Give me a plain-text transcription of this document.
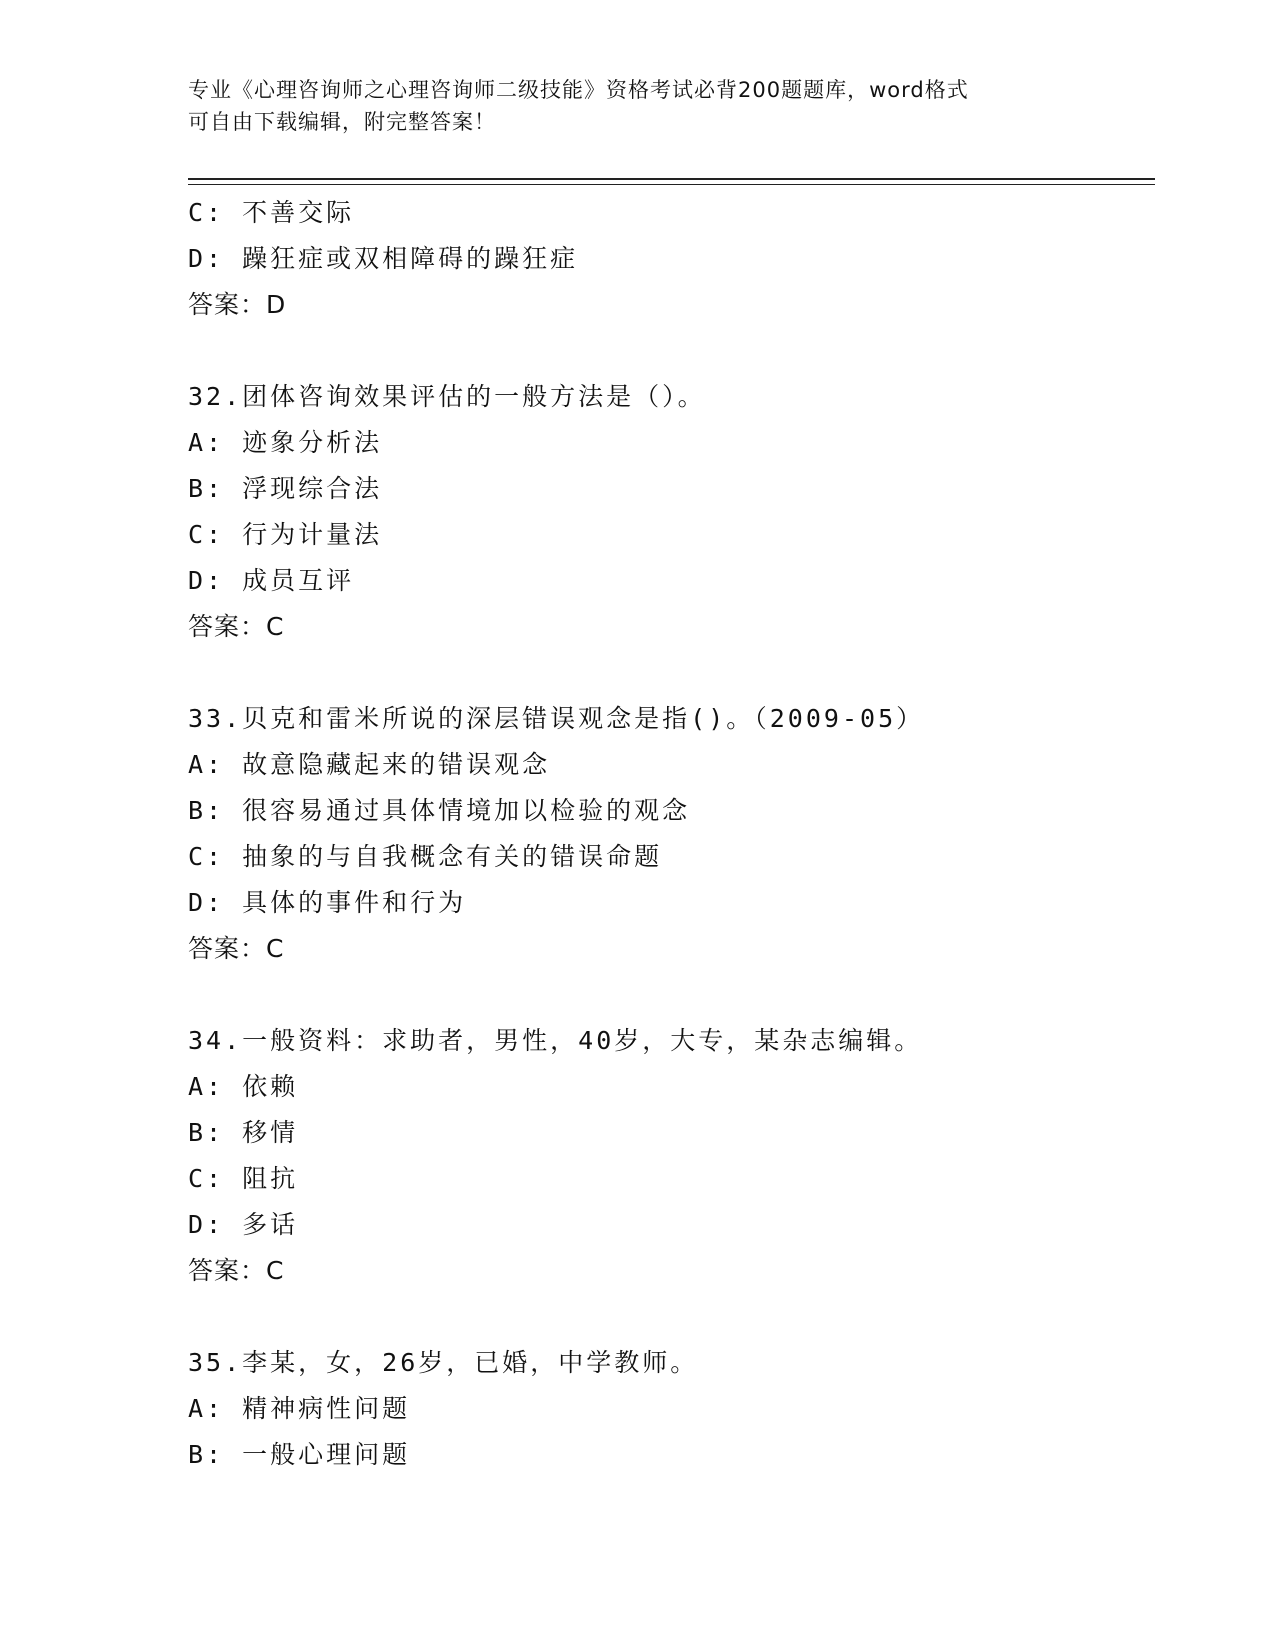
专业《心理咨询师之心理咨询师二级技能》资格考试必背200题题库，word格式
可自由下载编辑，附完整答案！
C: 不善交际
D: 躁狂症或双相障碍的躁狂症
答案：D
32.团体咨询效果评估的一般方法是（）。
A: 迹象分析法
B: 浮现综合法
C: 行为计量法
D: 成员互评
答案：C
33.贝克和雷米所说的深层错误观念是指()。（2009-05）
A: 故意隐藏起来的错误观念
B: 很容易通过具体情境加以检验的观念
C: 抽象的与自我概念有关的错误命题
D: 具体的事件和行为
答案：C
34.一般资料：求助者，男性，40岁，大专，某杂志编辑。
A: 依赖
B: 移情
C: 阻抗
D: 多话
答案：C
35.李某，女，26岁，已婚，中学教师。
A: 精神病性问题
B: 一般心理问题
